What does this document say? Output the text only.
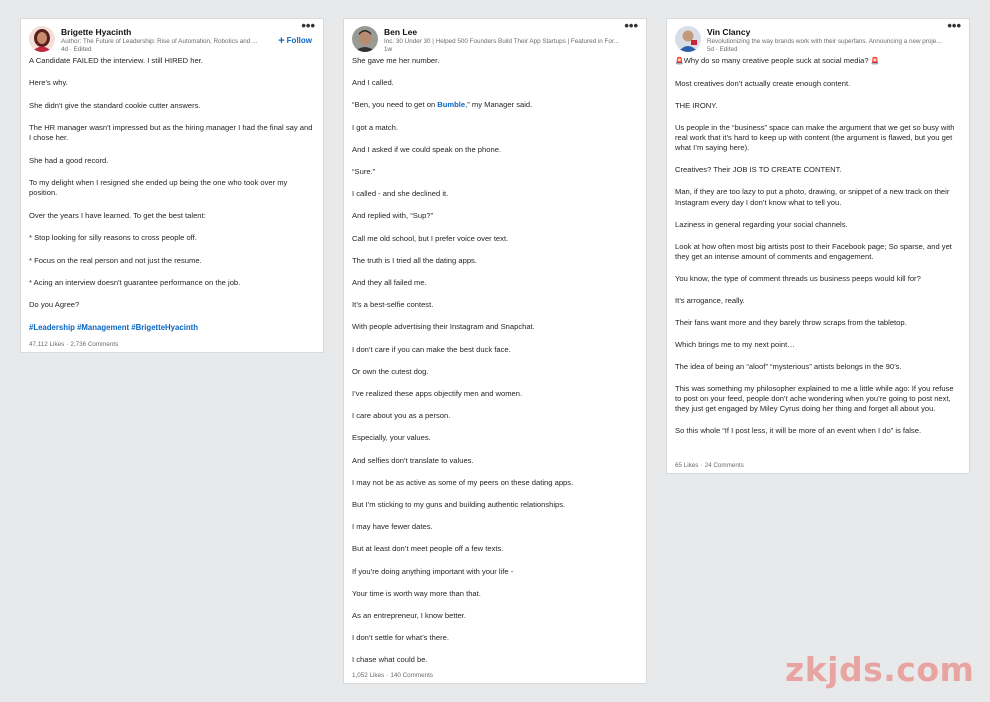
Brigette Hyacinth
Author: The Future of Leadership: Rise of Automation, Robotics and ...
4d · Edited
•••
+ Follow

A Candidate FAILED the interview. I still HIRED her.

Here's why.

She didn't give the standard cookie cutter answers.

The HR manager wasn't impressed but as the hiring manager I had the final say and I chose her.

She had a good record.

To my delight when I resigned she ended up being the one who took over my position.

Over the years I have learned. To get the best talent:

* Stop looking for silly reasons to cross people off.

* Focus on the real person and not just the resume.

* Acing an interview doesn't guarantee performance on the job.

Do you Agree?

#Leadership #Management #BrigetteHyacinth

47,112 Likes · 2,736 Comments
Ben Lee
Inc. 30 Under 30 | Helped 500 Founders Build Their App Startups | Featured in For...
1w
•••

She gave me her number.

And I called.

“Ben, you need to get on Bumble,” my Manager said.

I got a match.

And I asked if we could speak on the phone.

“Sure.”

I called - and she declined it.

And replied with, “Sup?”

Call me old school, but I prefer voice over text.

The truth is I tried all the dating apps.

And they all failed me.

It’s a best-selfie contest.

With people advertising their Instagram and Snapchat.

I don’t care if you can make the best duck face.

Or own the cutest dog.

I’ve realized these apps objectify men and women.

I care about you as a person.

Especially, your values.

And selfies don’t translate to values.

I may not be as active as some of my peers on these dating apps.

But I’m sticking to my guns and building authentic relationships.

I may have fewer dates.

But at least don’t meet people off a few texts.

If you’re doing anything important with your life -

Your time is worth way more than that.

As an entrepreneur, I know better.

I don’t settle for what’s there.

I chase what could be.

1,052 Likes · 140 Comments
Vin Clancy
Revolutionizing the way brands work with their superfans. Announcing a new proje...
5d · Edited
•••

🚨Why do so many creative people suck at social media? 🚨

Most creatives don’t actually create enough content.

THE IRONY.

Us people in the “business” space can make the argument that we get so busy with real work that it’s hard to keep up with content (the argument is flawed, but you get what I’m saying here).

Creatives? Their JOB IS TO CREATE CONTENT.

Man, if they are too lazy to put a photo, drawing, or snippet of a new track on their Instagram every day I don’t know what to tell you.

Laziness in general regarding your social channels.

Look at how often most big artists post to their Facebook page; So sparse, and yet they get an intense amount of comments and engagement.

You know, the type of comment threads us business peeps would kill for?

It’s arrogance, really.

Their fans want more and they barely throw scraps from the tabletop.

Which brings me to my next point…

The idea of being an “aloof” “mysterious” artists belongs in the 90’s.

This was something my philosopher explained to me a little while ago: If you refuse to post on your feed, people don’t ache wondering when you’re going to post next, they just get engaged by Miley Cyrus doing her thing and forget all about you.

So this whole “If I post less, it will be more of an event when I do” is false.

65 Likes · 24 Comments
zkjds.com
